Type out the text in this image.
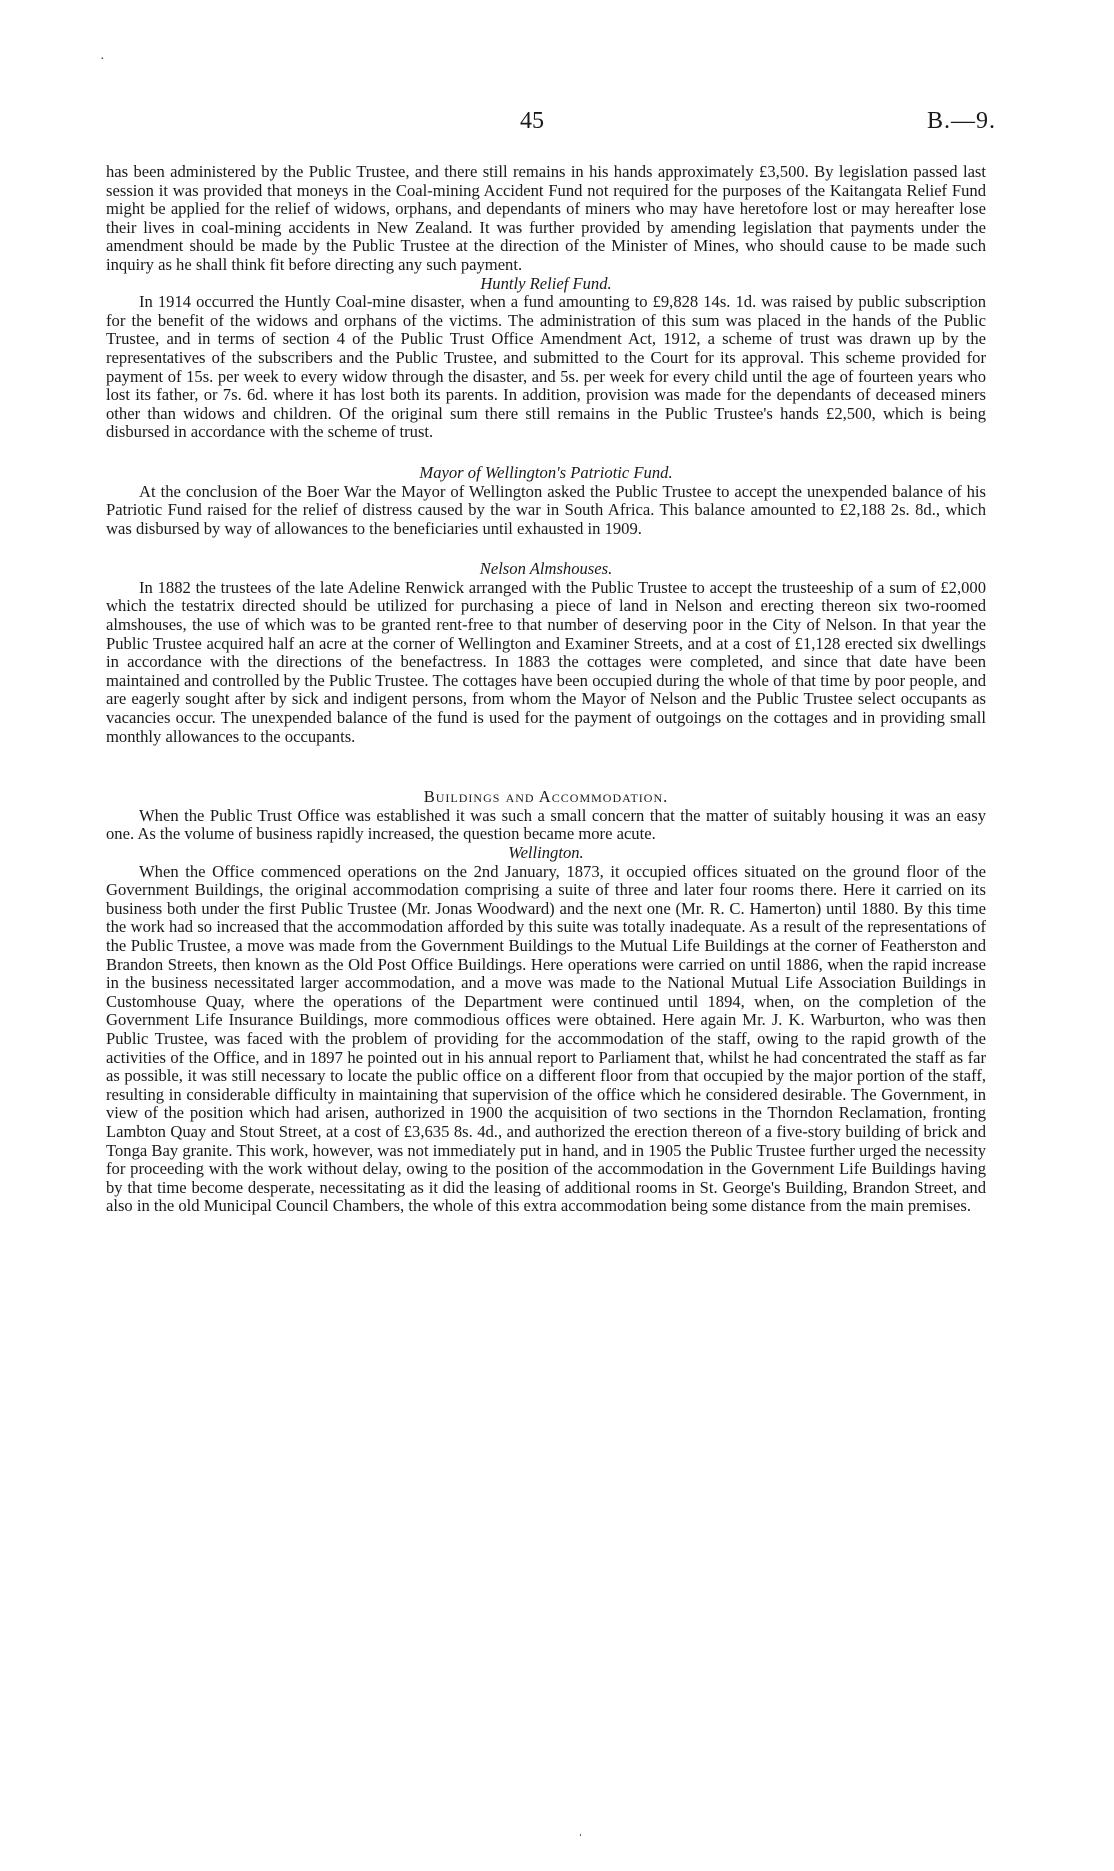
45	B.—9.

has been administered by the Public Trustee, and there still remains in his hands approximately £3,500. By legislation passed last session it was provided that moneys in the Coal-mining Accident Fund not required for the purposes of the Kaitangata Relief Fund might be applied for the relief of widows, orphans, and dependants of miners who may have heretofore lost or may hereafter lose their lives in coal-mining accidents in New Zealand. It was further provided by amending legislation that payments under the amendment should be made by the Public Trustee at the direction of the Minister of Mines, who should cause to be made such inquiry as he shall think fit before directing any such payment.

Huntly Relief Fund.

In 1914 occurred the Huntly Coal-mine disaster, when a fund amounting to £9,828 14s. 1d. was raised by public subscription for the benefit of the widows and orphans of the victims. The administration of this sum was placed in the hands of the Public Trustee, and in terms of section 4 of the Public Trust Office Amendment Act, 1912, a scheme of trust was drawn up by the representatives of the subscribers and the Public Trustee, and submitted to the Court for its approval. This scheme provided for payment of 15s. per week to every widow through the disaster, and 5s. per week for every child until the age of fourteen years who lost its father, or 7s. 6d. where it has lost both its parents. In addition, provision was made for the dependants of deceased miners other than widows and children. Of the original sum there still remains in the Public Trustee's hands £2,500, which is being disbursed in accordance with the scheme of trust.

Mayor of Wellington's Patriotic Fund.

At the conclusion of the Boer War the Mayor of Wellington asked the Public Trustee to accept the unexpended balance of his Patriotic Fund raised for the relief of distress caused by the war in South Africa. This balance amounted to £2,188 2s. 8d., which was disbursed by way of allowances to the beneficiaries until exhausted in 1909.

Nelson Almshouses.

In 1882 the trustees of the late Adeline Renwick arranged with the Public Trustee to accept the trusteeship of a sum of £2,000 which the testatrix directed should be utilized for purchasing a piece of land in Nelson and erecting thereon six two-roomed almshouses, the use of which was to be granted rent-free to that number of deserving poor in the City of Nelson. In that year the Public Trustee acquired half an acre at the corner of Wellington and Examiner Streets, and at a cost of £1,128 erected six dwellings in accordance with the directions of the benefactress. In 1883 the cottages were completed, and since that date have been maintained and controlled by the Public Trustee. The cottages have been occupied during the whole of that time by poor people, and are eagerly sought after by sick and indigent persons, from whom the Mayor of Nelson and the Public Trustee select occupants as vacancies occur. The unexpended balance of the fund is used for the payment of outgoings on the cottages and in providing small monthly allowances to the occupants.

Buildings and Accommodation.

When the Public Trust Office was established it was such a small concern that the matter of suitably housing it was an easy one. As the volume of business rapidly increased, the question became more acute.

Wellington.

When the Office commenced operations on the 2nd January, 1873, it occupied offices situated on the ground floor of the Government Buildings, the original accommodation comprising a suite of three and later four rooms there. Here it carried on its business both under the first Public Trustee (Mr. Jonas Woodward) and the next one (Mr. R. C. Hamerton) until 1880. By this time the work had so increased that the accommodation afforded by this suite was totally inadequate. As a result of the representations of the Public Trustee, a move was made from the Government Buildings to the Mutual Life Buildings at the corner of Featherston and Brandon Streets, then known as the Old Post Office Buildings. Here operations were carried on until 1886, when the rapid increase in the business necessitated larger accommodation, and a move was made to the National Mutual Life Association Buildings in Customhouse Quay, where the operations of the Department were continued until 1894, when, on the completion of the Government Life Insurance Buildings, more commodious offices were obtained. Here again Mr. J. K. Warburton, who was then Public Trustee, was faced with the problem of providing for the accommodation of the staff, owing to the rapid growth of the activities of the Office, and in 1897 he pointed out in his annual report to Parliament that, whilst he had concentrated the staff as far as possible, it was still necessary to locate the public office on a different floor from that occupied by the major portion of the staff, resulting in considerable difficulty in maintaining that supervision of the office which he considered desirable. The Government, in view of the position which had arisen, authorized in 1900 the acquisition of two sections in the Thorndon Reclamation, fronting Lambton Quay and Stout Street, at a cost of £3,635 8s. 4d., and authorized the erection thereon of a five-story building of brick and Tonga Bay granite. This work, however, was not immediately put in hand, and in 1905 the Public Trustee further urged the necessity for proceeding with the work without delay, owing to the position of the accommodation in the Government Life Buildings having by that time become desperate, necessitating as it did the leasing of additional rooms in St. George's Building, Brandon Street, and also in the old Municipal Council Chambers, the whole of this extra accommodation being some distance from the main premises.

·
ˌ
